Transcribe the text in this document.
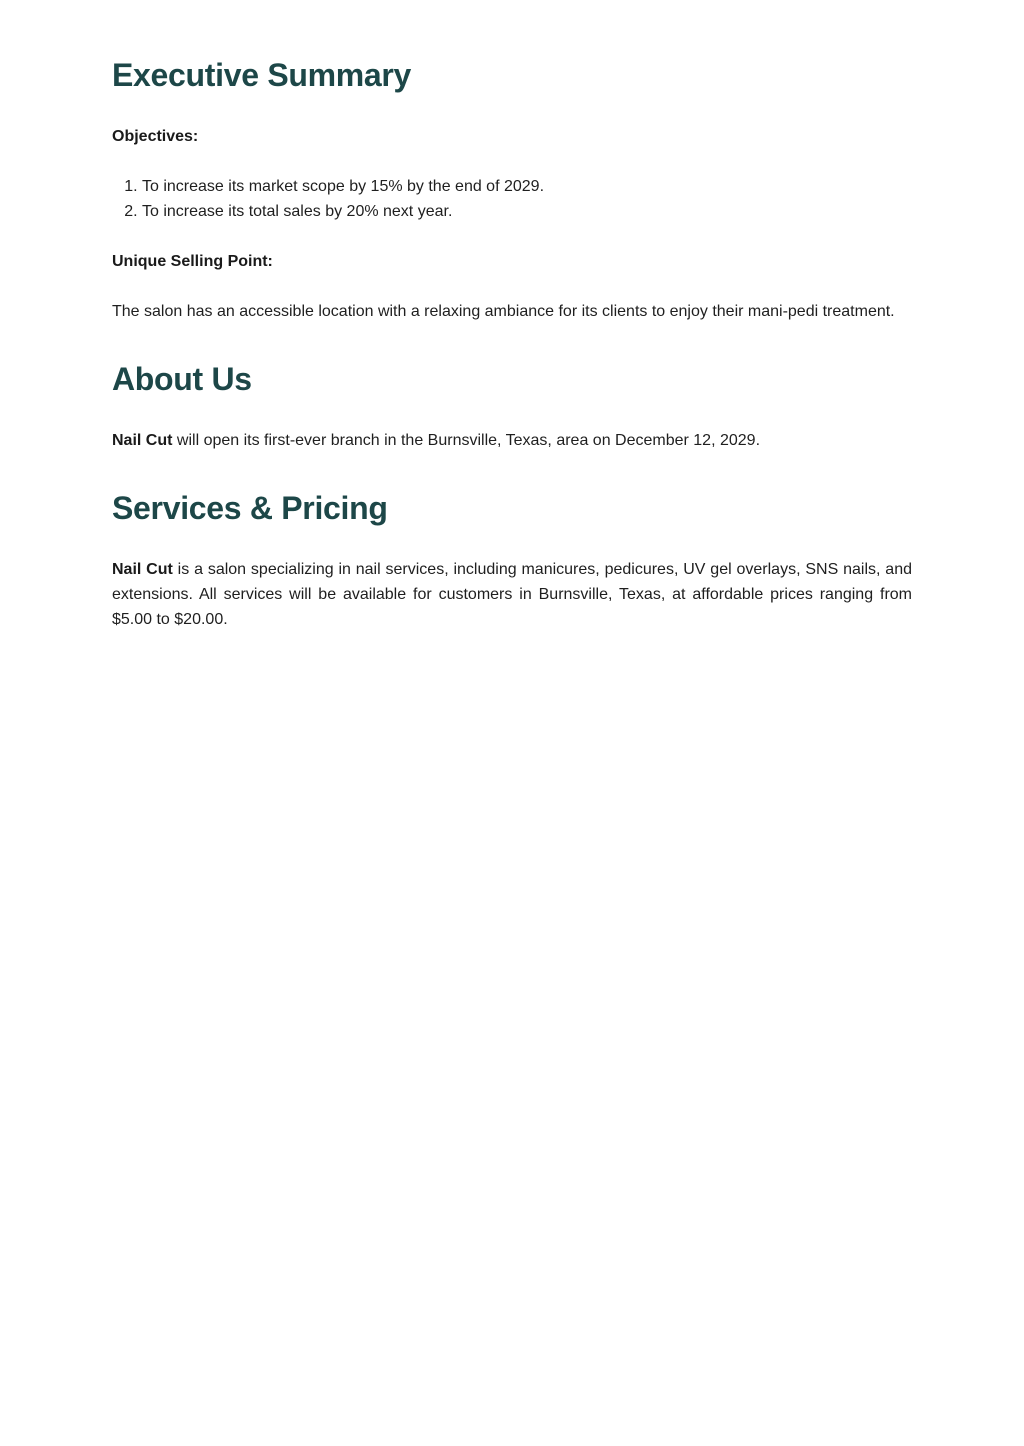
Executive Summary

Objectives:

1. To increase its market scope by 15% by the end of 2029.
2. To increase its total sales by 20% next year.

Unique Selling Point:

The salon has an accessible location with a relaxing ambiance for its clients to enjoy their mani-pedi treatment.

About Us

Nail Cut will open its first-ever branch in the Burnsville, Texas, area on December 12, 2029.

Services & Pricing

Nail Cut is a salon specializing in nail services, including manicures, pedicures, UV gel overlays, SNS nails, and extensions. All services will be available for customers in Burnsville, Texas, at affordable prices ranging from $5.00 to $20.00.
